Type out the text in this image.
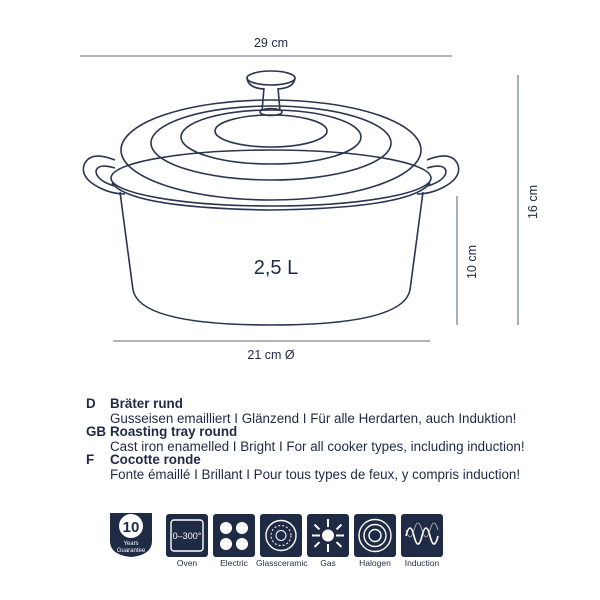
29 cm
16 cm
10 cm
21 cm Ø
2,5 L
D	Bräter rund
Gusseisen emailliert I Glänzend I Für alle Herdarten, auch Induktion!
GB Roasting tray round
Cast iron enamelled I Bright I For all cooker types, including induction!
F	Cocotte ronde
Fonte émaillé I Brillant I Pour tous types de feux, y compris induction!
10
Years
Guarantee
0–300°
Oven	Electric Glassceramic	Gas	Halogen	Induction
